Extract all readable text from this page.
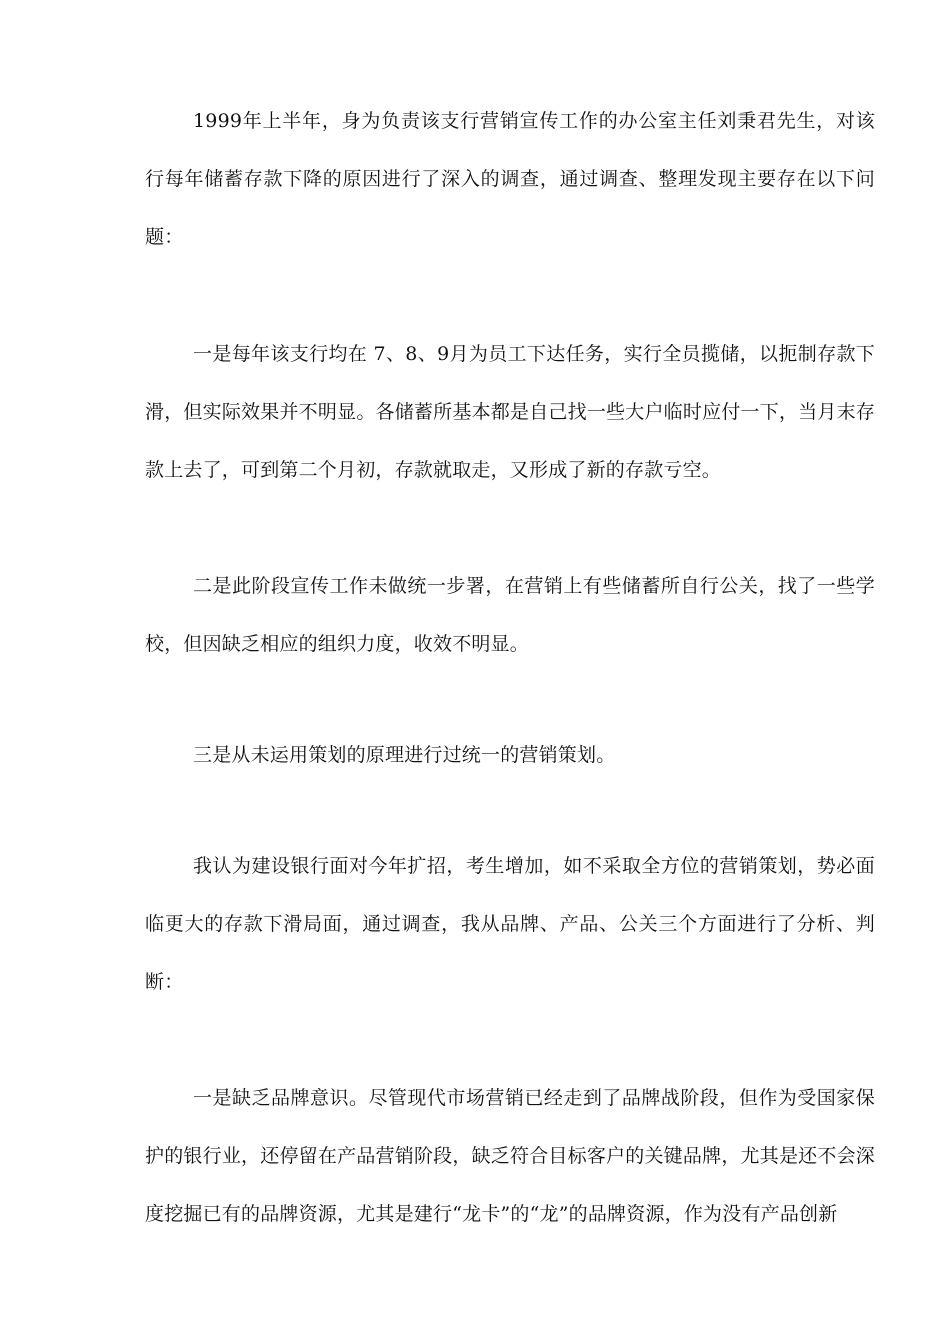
1999年上半年，身为负责该支行营销宣传工作的办公室主任刘秉君先生，对该行每年储蓄存款下降的原因进行了深入的调查，通过调查、整理发现主要存在以下问题：

一是每年该支行均在 7、8、9月为员工下达任务，实行全员揽储，以扼制存款下滑，但实际效果并不明显。各储蓄所基本都是自己找一些大户临时应付一下，当月末存款上去了，可到第二个月初，存款就取走，又形成了新的存款亏空。

二是此阶段宣传工作未做统一步署，在营销上有些储蓄所自行公关，找了一些学校，但因缺乏相应的组织力度，收效不明显。

三是从未运用策划的原理进行过统一的营销策划。

我认为建设银行面对今年扩招，考生增加，如不采取全方位的营销策划，势必面临更大的存款下滑局面，通过调查，我从品牌、产品、公关三个方面进行了分析、判断：

一是缺乏品牌意识。尽管现代市场营销已经走到了品牌战阶段，但作为受国家保护的银行业，还停留在产品营销阶段，缺乏符合目标客户的关键品牌，尤其是还不会深度挖掘已有的品牌资源，尤其是建行“龙卡”的“龙”的品牌资源，作为没有产品创新
